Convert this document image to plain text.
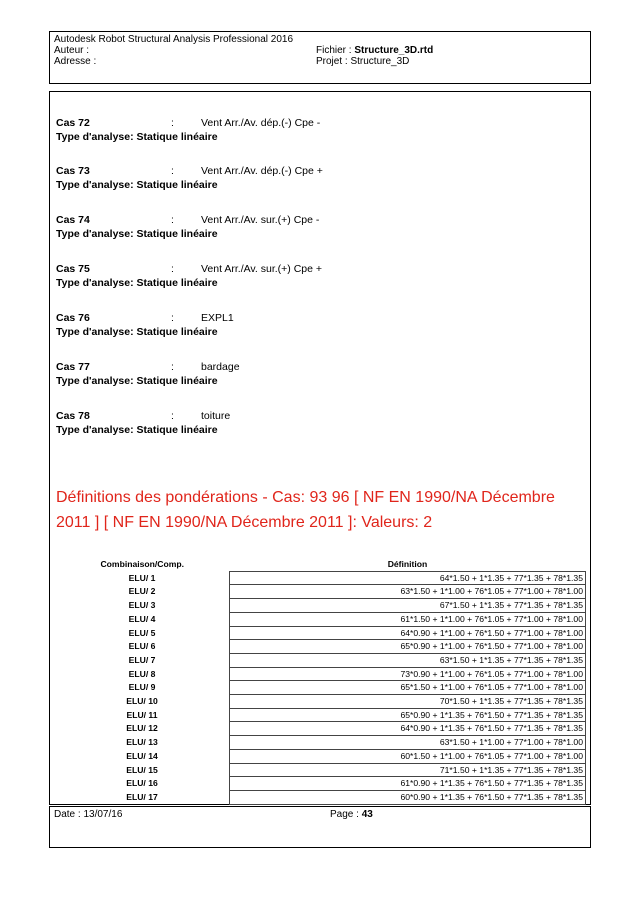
Autodesk Robot Structural Analysis Professional 2016
Auteur :
Adresse :
Fichier : Structure_3D.rtd
Projet : Structure_3D
Cas 72	:	Vent Arr./Av. dép.(-) Cpe -
Type d'analyse: Statique linéaire
Cas 73	:	Vent Arr./Av. dép.(-) Cpe +
Type d'analyse: Statique linéaire
Cas 74	:	Vent Arr./Av. sur.(+) Cpe -
Type d'analyse: Statique linéaire
Cas 75	:	Vent Arr./Av. sur.(+) Cpe +
Type d'analyse: Statique linéaire
Cas 76	:	EXPL1
Type d'analyse: Statique linéaire
Cas 77	:	bardage
Type d'analyse: Statique linéaire
Cas 78	:	toiture
Type d'analyse: Statique linéaire
Définitions des pondérations - Cas: 93 96 [ NF EN 1990/NA Décembre 2011 ] [ NF EN 1990/NA Décembre 2011 ]: Valeurs: 2
Combinaison/Comp.	Définition
ELU/ 1	64*1.50 + 1*1.35 + 77*1.35 + 78*1.35
ELU/ 2	63*1.50 + 1*1.00 + 76*1.05 + 77*1.00 + 78*1.00
ELU/ 3	67*1.50 + 1*1.35 + 77*1.35 + 78*1.35
ELU/ 4	61*1.50 + 1*1.00 + 76*1.05 + 77*1.00 + 78*1.00
ELU/ 5	64*0.90 + 1*1.00 + 76*1.50 + 77*1.00 + 78*1.00
ELU/ 6	65*0.90 + 1*1.00 + 76*1.50 + 77*1.00 + 78*1.00
ELU/ 7	63*1.50 + 1*1.35 + 77*1.35 + 78*1.35
ELU/ 8	73*0.90 + 1*1.00 + 76*1.05 + 77*1.00 + 78*1.00
ELU/ 9	65*1.50 + 1*1.00 + 76*1.05 + 77*1.00 + 78*1.00
ELU/ 10	70*1.50 + 1*1.35 + 77*1.35 + 78*1.35
ELU/ 11	65*0.90 + 1*1.35 + 76*1.50 + 77*1.35 + 78*1.35
ELU/ 12	64*0.90 + 1*1.35 + 76*1.50 + 77*1.35 + 78*1.35
ELU/ 13	63*1.50 + 1*1.00 + 77*1.00 + 78*1.00
ELU/ 14	60*1.50 + 1*1.00 + 76*1.05 + 77*1.00 + 78*1.00
ELU/ 15	71*1.50 + 1*1.35 + 77*1.35 + 78*1.35
ELU/ 16	61*0.90 + 1*1.35 + 76*1.50 + 77*1.35 + 78*1.35
ELU/ 17	60*0.90 + 1*1.35 + 76*1.50 + 77*1.35 + 78*1.35
Date : 13/07/16	Page : 43
